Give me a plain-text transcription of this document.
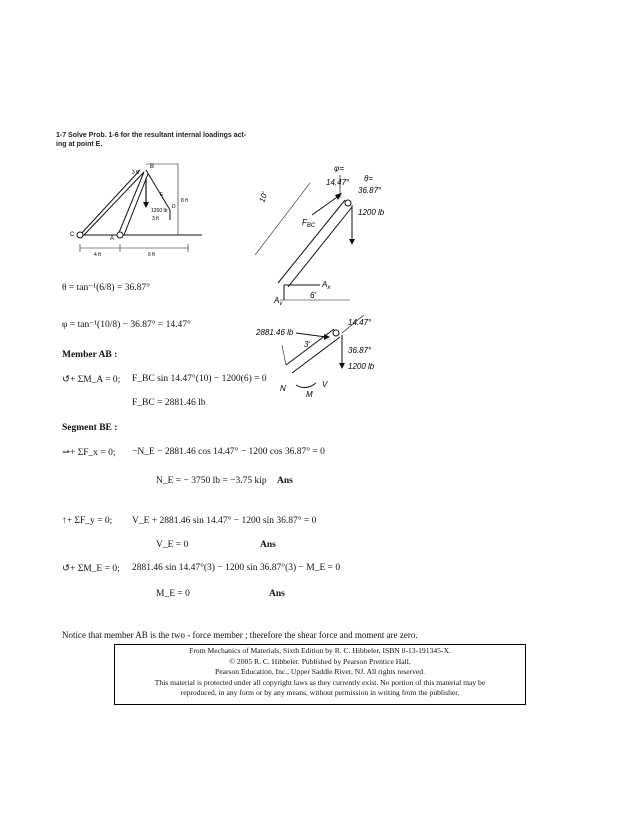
1-7 Solve Prob. 1-6 for the resultant internal loadings act-
ing at point E.
3 ft
B
8 ft
1200 lb
D
3 ft
C
A
E
4 ft	6 ft
10'
φ=
14.47° θ=
36.87°
1200 lb
$F_{BC}$
$A_x$
$A_y$
6'
2881.46 lb
3'
14.47°
36.87°
1200 lb
N
M
V
θ = tan⁻¹(6/8) = 36.87°
φ = tan⁻¹(10/8) − 36.87° = 14.47°
Member AB :
↺+ ΣM_A = 0; F_BC sin 14.47°(10) − 1200(6) = 0
F_BC = 2881.46 lb
Segment BE :
⇀+ ΣF_x = 0; −N_E − 2881.46 cos 14.47° − 1200 cos 36.87° = 0
N_E = − 3750 lb = −3.75 kip Ans
↑+ ΣF_y = 0; V_E + 2881.46 sin 14.47° − 1200 sin 36.87° = 0
V_E = 0	Ans
↺+ ΣM_E = 0; 2881.46 sin 14.47°(3) − 1200 sin 36.87°(3) − M_E = 0
M_E = 0	Ans
Notice that member AB is the two - force member ; therefore the shear force and moment are zero.
From Mechanics of Materials, Sixth Edition by R. C. Hibbeler, ISBN 0-13-191345-X.
© 2005 R. C. Hibbeler. Published by Pearson Prentice Hall,
Pearson Education, Inc., Upper Saddle River, NJ. All rights reserved.
This material is protected under all copyright laws as they currently exist. No portion of this material may be
reproduced, in any form or by any means, without permission in writing from the publisher.
